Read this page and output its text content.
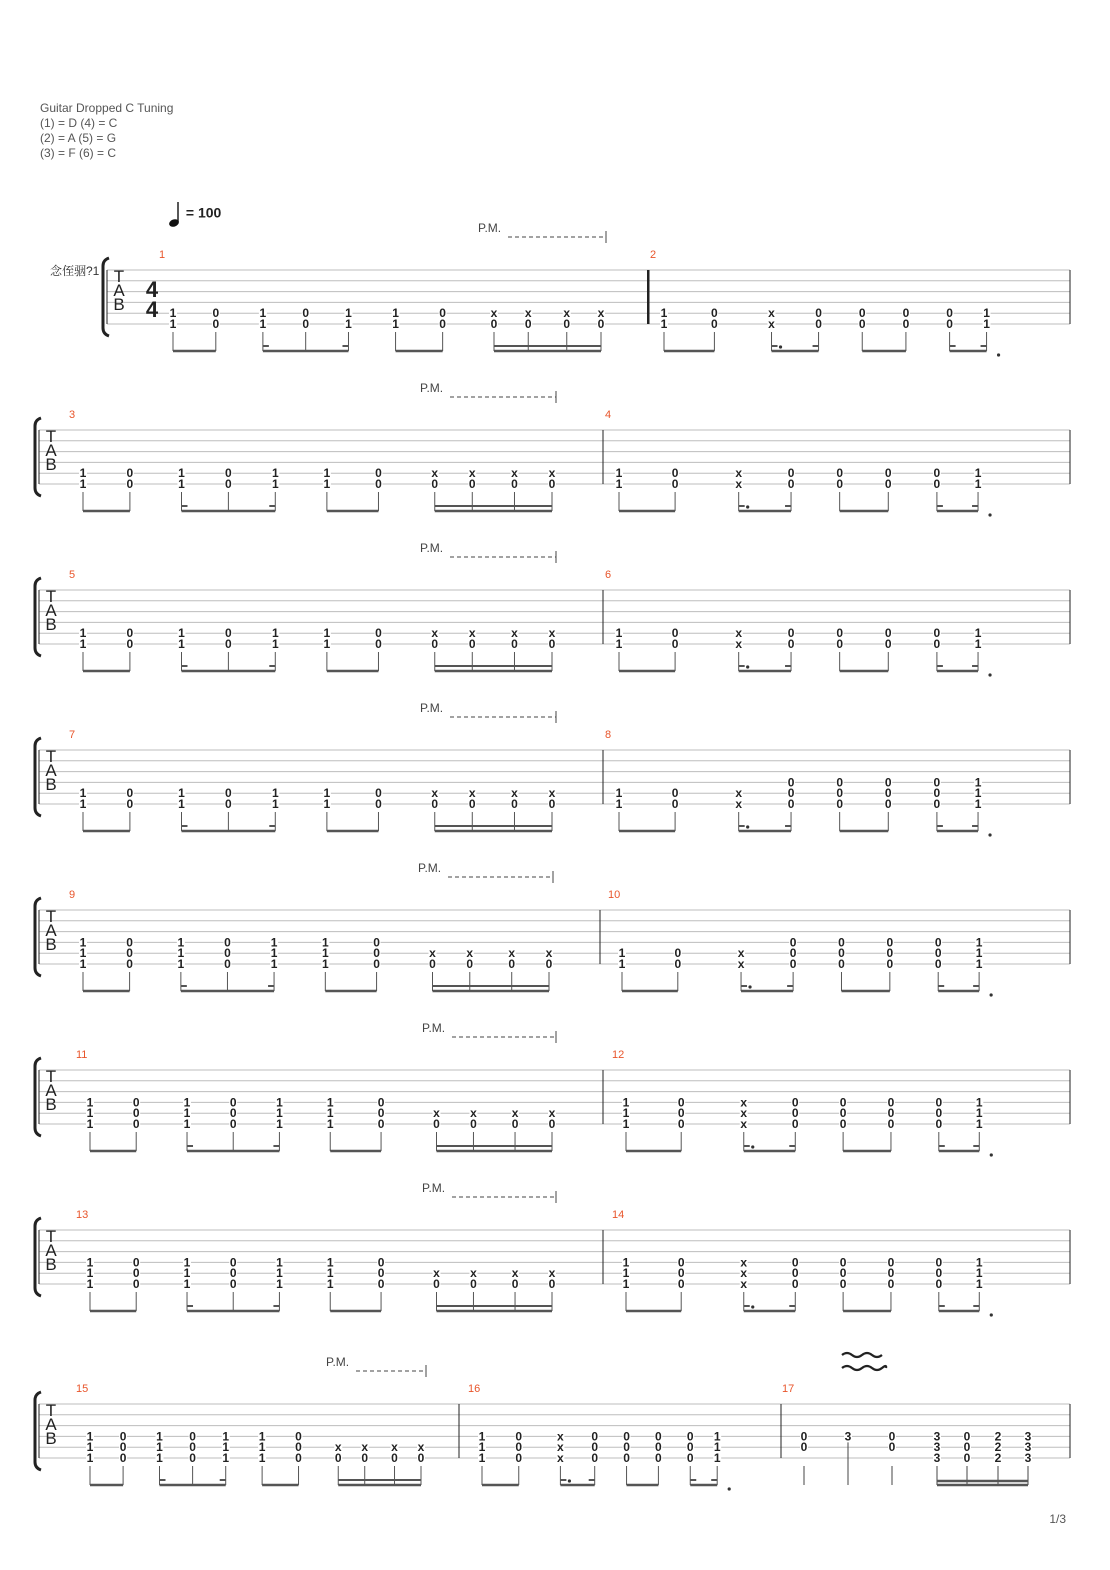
Guitar Dropped C Tuning
(1) = D (4) = C
(2) = A (5) = G
(3) = F (6) = C
= 100
念侄骃?1 T
A
B
4
4
P.M.
1
1
1
0
0
1
1
0
0
1
1
1
1
0
0
x
0
x
0
x
0
x
0
2
1
1
0
0
x
x
0
0
0
0
0
0
0
0
1
1
T
A
B
P.M.
3
1
1
0
0
1
1
0
0
1
1
1
1
0
0
x
0
x
0
x
0
x
0
4
1
1
0
0
x
x
0
0
0
0
0
0
0
0
1
1
T
A
B
P.M.
5
1
1
0
0
1
1
0
0
1
1
1
1
0
0
x
0
x
0
x
0
x
0
6
1
1
0
0
x
x
0
0
0
0
0
0
0
0
1
1
T
A
B
P.M.
7
1
1
0
0
1
1
0
0
1
1
1
1
0
0
x
0
x
0
x
0
x
0
8
1
1
0
0
x
x
0
0
0
0
0
0
0
0
0
0
0
0
1
1
1
T
A
B
P.M.
9
1
1
1
0
0
0
1
1
1
0
0
0
1
1
1
1
1
1
0
0
0
x
0
x
0
x
0
x
0
10
1
1
0
0
x
x
0
0
0
0
0
0
0
0
0
0
0
0
1
1
1
T
A
B
P.M.
11
1
1
1
0
0
0
1
1
1
0
0
0
1
1
1
1
1
1
0
0
0
x
0
x
0
x
0
x
0
12
1
1
1
0
0
0
x
x
x
0
0
0
0
0
0
0
0
0
0
0
0
1
1
1
T
A
B
P.M.
13
1
1
1
0
0
0
1
1
1
0
0
0
1
1
1
1
1
1
0
0
0
x
0
x
0
x
0
x
0
14
1
1
1
0
0
0
x
x
x
0
0
0
0
0
0
0
0
0
0
0
0
1
1
1
T
A
B
P.M.
15
1
1
1
0
0
0
1
1
1
0
0
0
1
1
1
1
1
1
0
0
0
x
0
x
0
x
0
x
0
16
1
1
1
0
0
0
x
x
x
0
0
0
0
0
0
0
0
0
0
0
0
1
1
1
17
0
0
3	0
0
3
3
3
0
0
0
2
2
2
3
3
3
1/3
